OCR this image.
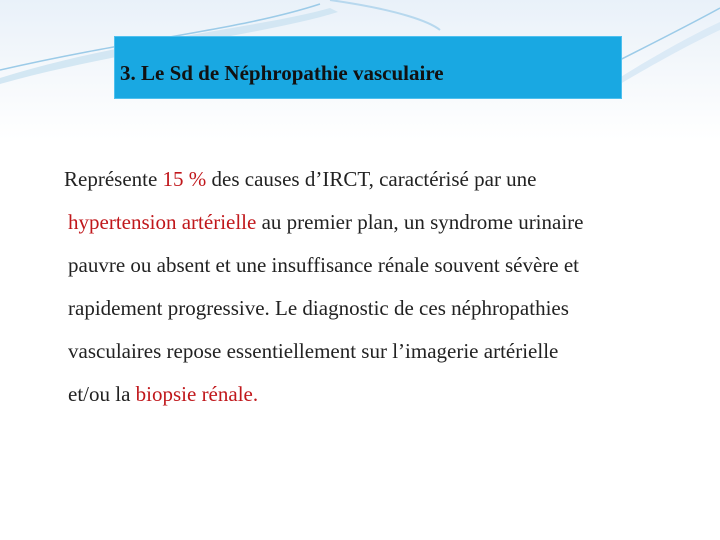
3. Le Sd de Néphropathie vasculaire
Représente 15 % des causes d’IRCT, caractérisé par une
hypertension artérielle au premier plan, un syndrome urinaire
pauvre ou absent et une insuffisance rénale souvent sévère et
rapidement progressive. Le diagnostic de ces néphropathies
vasculaires repose essentiellement sur l’imagerie artérielle
et/ou la biopsie rénale.
